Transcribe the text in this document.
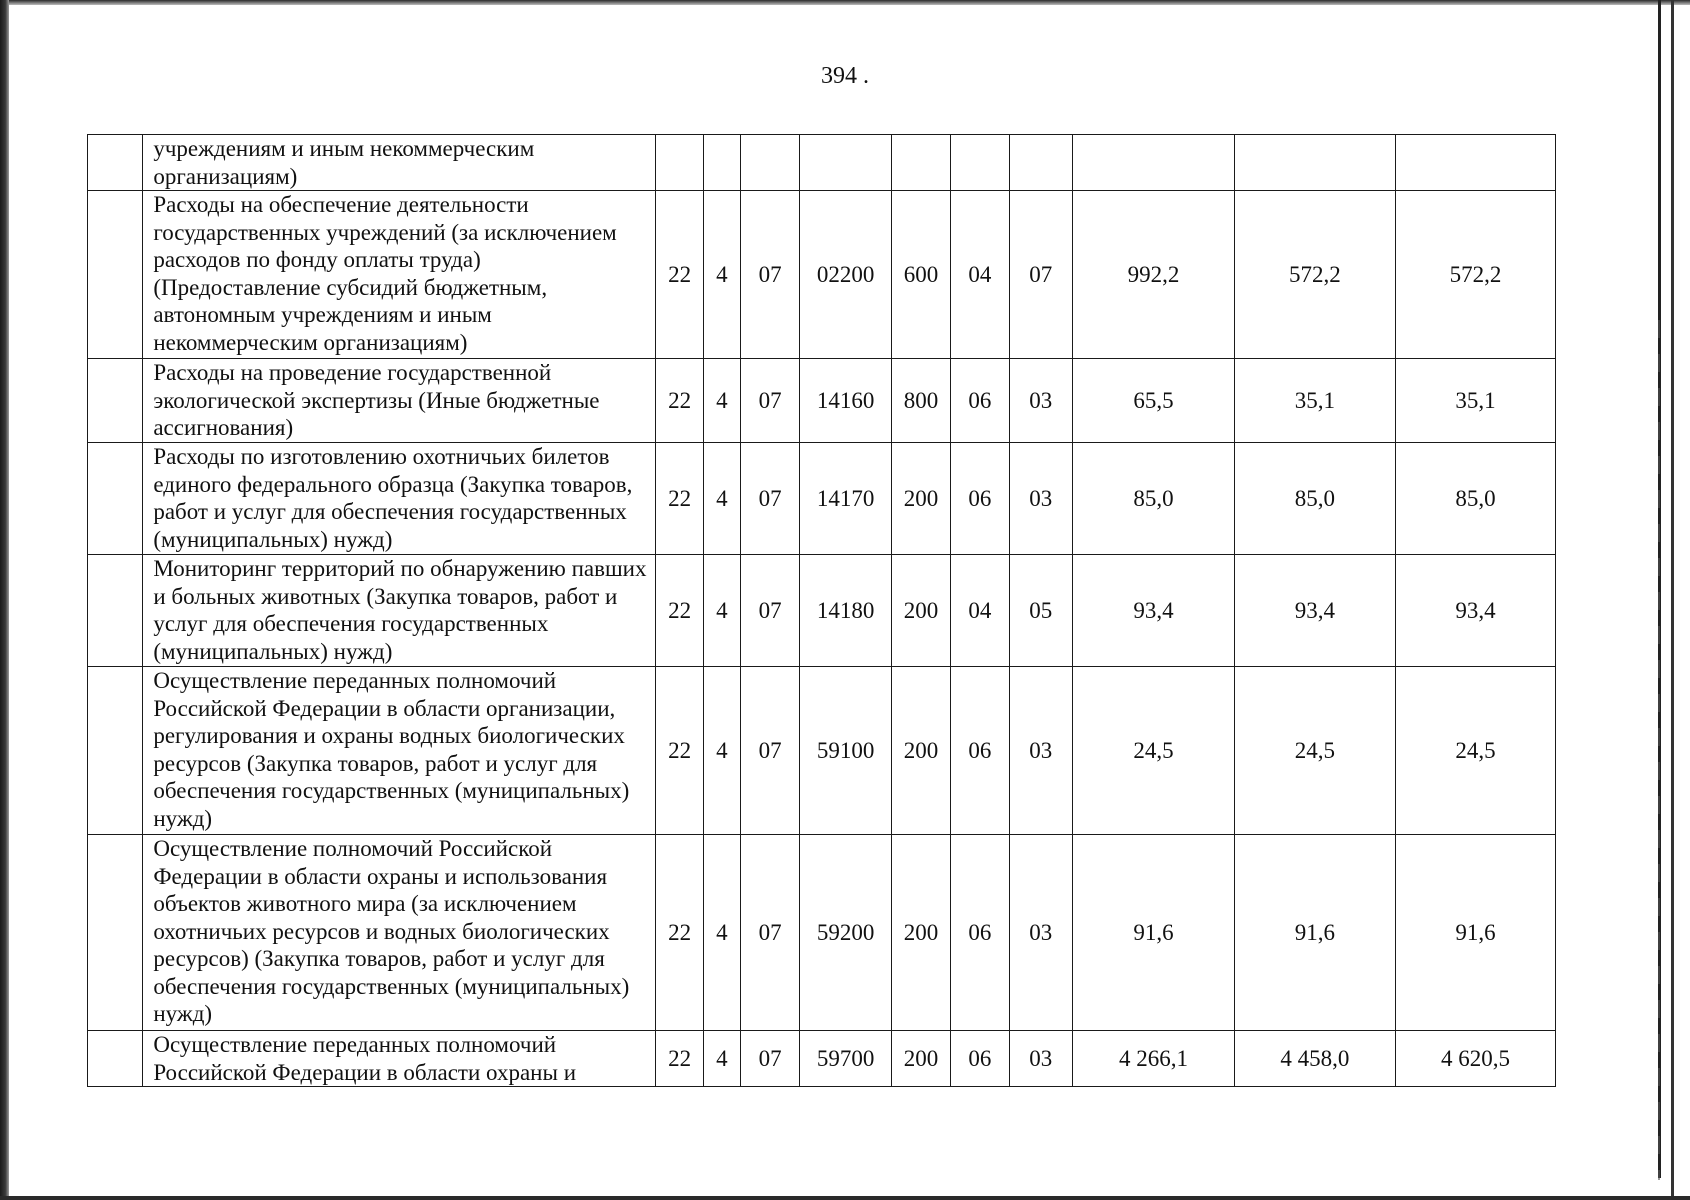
394 .
	учреждениям и иным некоммерческим организациям)										
	Расходы на обеспечение деятельности государственных учреждений (за исключением расходов по фонду оплаты труда) (Предоставление субсидий бюджетным, автономным учреждениям и иным некоммерческим организациям)	22	4	07	02200	600	04	07	992,2	572,2	572,2
	Расходы на проведение государственной экологической экспертизы (Иные бюджетные ассигнования)	22	4	07	14160	800	06	03	65,5	35,1	35,1
	Расходы по изготовлению охотничьих билетов единого федерального образца (Закупка товаров, работ и услуг для обеспечения государственных (муниципальных) нужд)	22	4	07	14170	200	06	03	85,0	85,0	85,0
	Мониторинг территорий по обнаружению павших и больных животных (Закупка товаров, работ и услуг для обеспечения государственных (муниципальных) нужд)	22	4	07	14180	200	04	05	93,4	93,4	93,4
	Осуществление переданных полномочий Российской Федерации в области организации, регулирования и охраны водных биологических ресурсов (Закупка товаров, работ и услуг для обеспечения государственных (муниципальных) нужд)	22	4	07	59100	200	06	03	24,5	24,5	24,5
	Осуществление полномочий Российской Федерации в области охраны и использования объектов животного мира (за исключением охотничьих ресурсов и водных биологических ресурсов) (Закупка товаров, работ и услуг для обеспечения государственных (муниципальных) нужд)	22	4	07	59200	200	06	03	91,6	91,6	91,6
	Осуществление переданных полномочий Российской Федерации в области охраны и	22	4	07	59700	200	06	03	4 266,1	4 458,0	4 620,5
